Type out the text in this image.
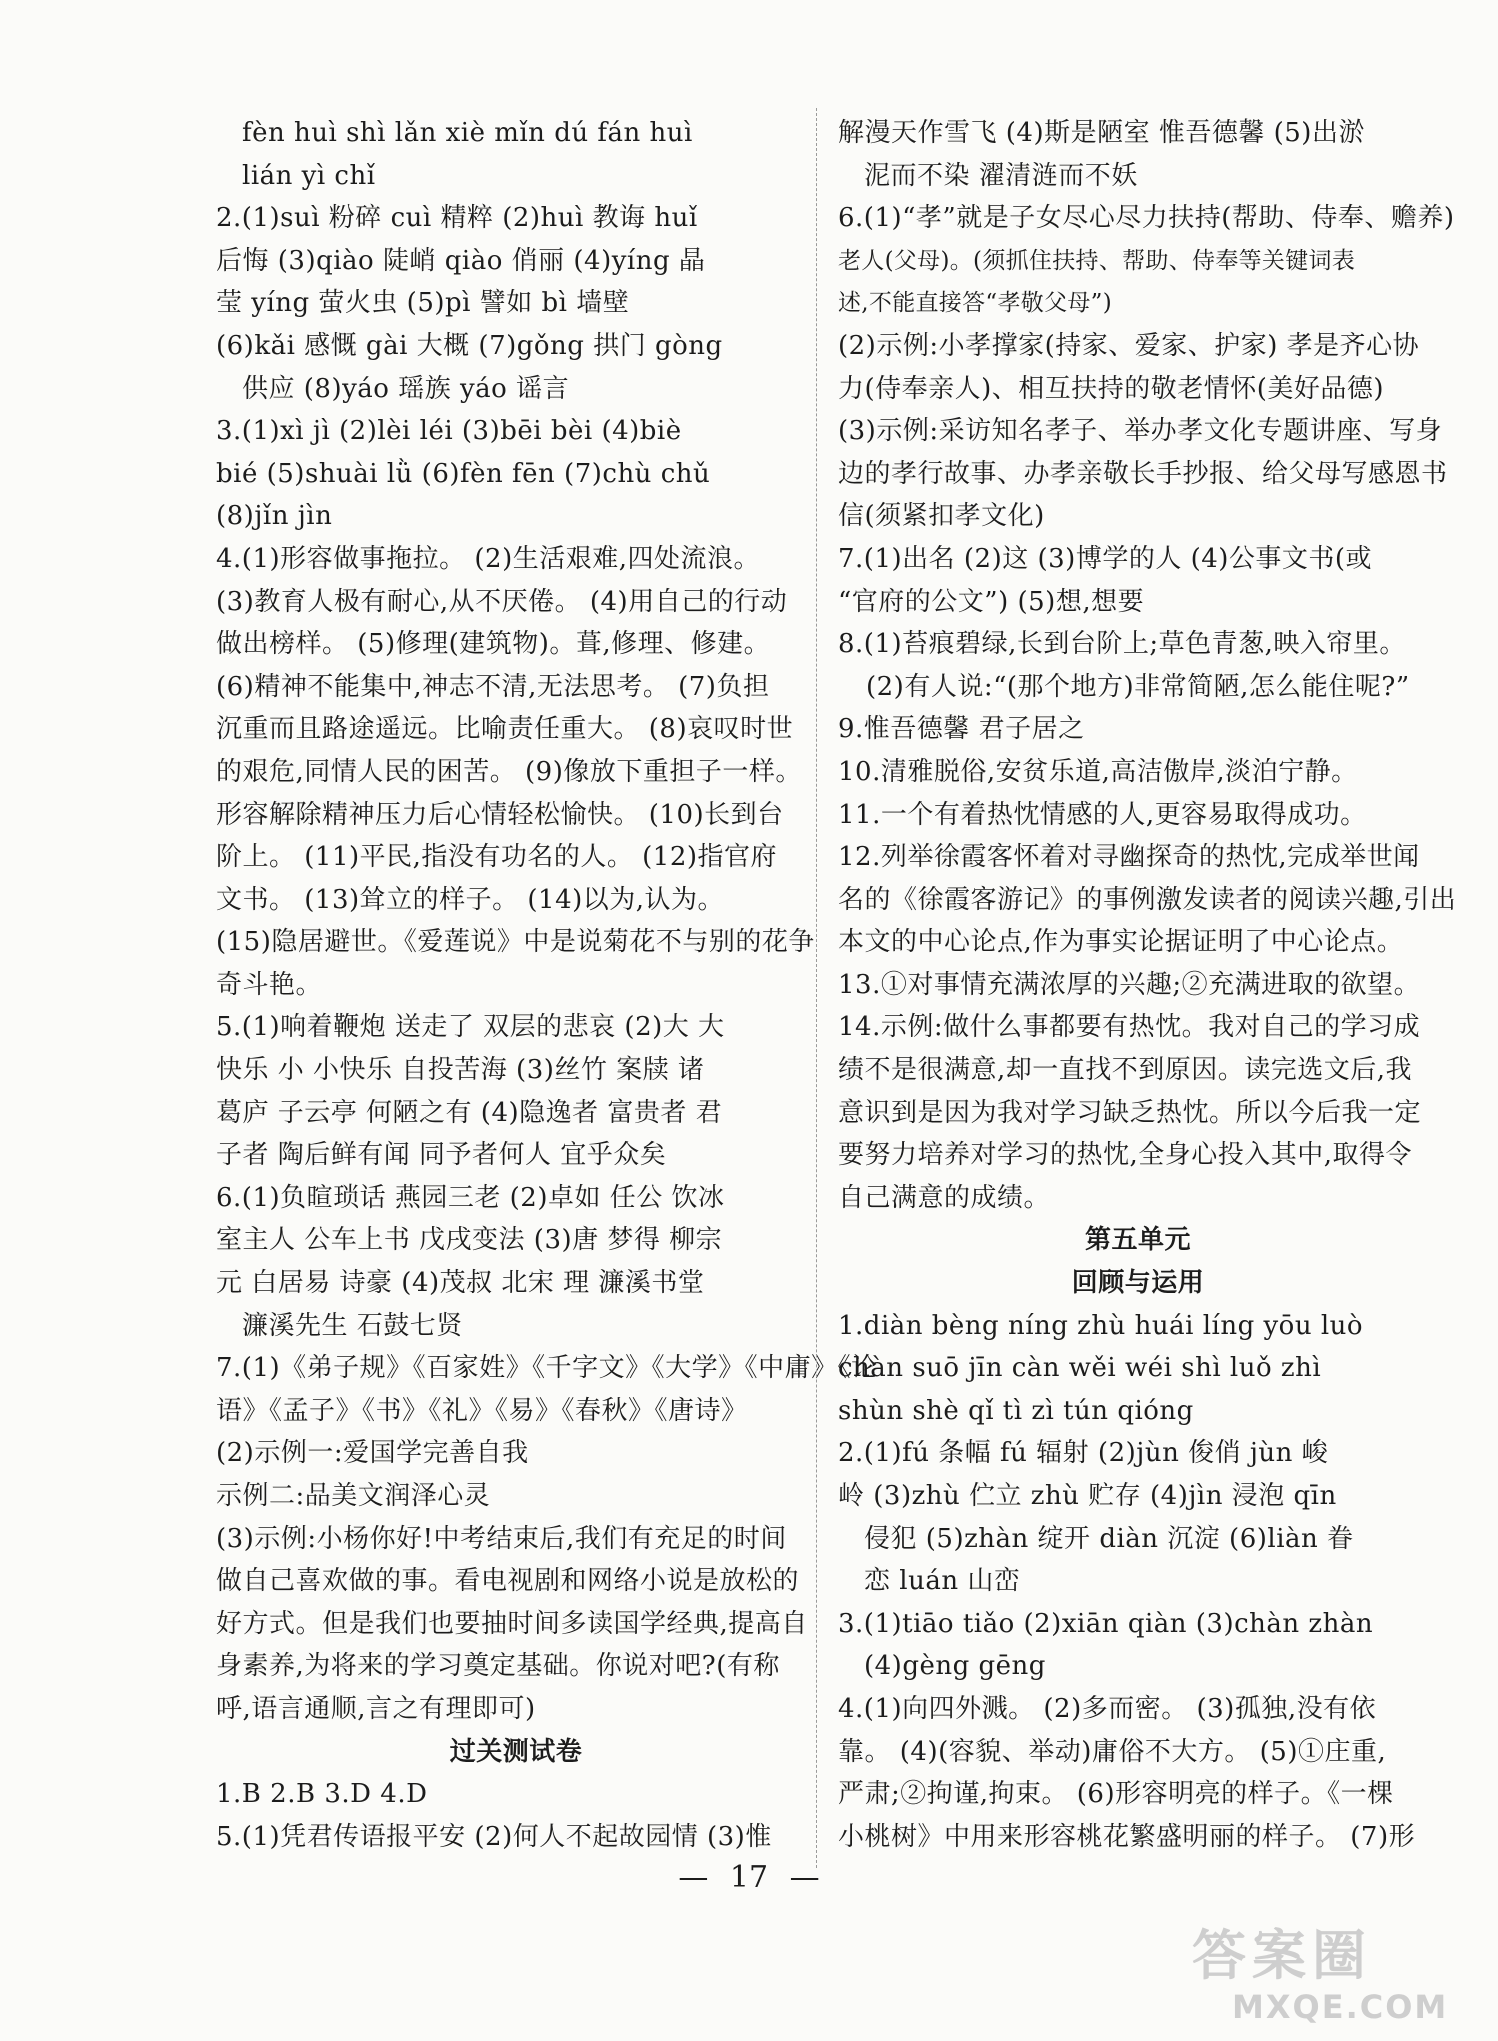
fèn huì shì lǎn xiè mǐn dú fán huì
lián yì chǐ
2.(1)suì 粉碎 cuì 精粹 (2)huì 教诲 huǐ
后悔 (3)qiào 陡峭 qiào 俏丽 (4)yíng 晶
莹 yíng 萤火虫 (5)pì 譬如 bì 墙壁
(6)kǎi 感慨 gài 大概 (7)gǒng 拱门 gòng
供应 (8)yáo 瑶族 yáo 谣言
3.(1)xì jì (2)lèi léi (3)bēi bèi (4)biè
bié (5)shuài lǜ (6)fèn fēn (7)chù chǔ
(8)jǐn jìn
4.(1)形容做事拖拉。 (2)生活艰难,四处流浪。
(3)教育人极有耐心,从不厌倦。 (4)用自己的行动
做出榜样。 (5)修理(建筑物)。葺,修理、修建。
(6)精神不能集中,神志不清,无法思考。 (7)负担
沉重而且路途遥远。比喻责任重大。 (8)哀叹时世
的艰危,同情人民的困苦。 (9)像放下重担子一样。
形容解除精神压力后心情轻松愉快。 (10)长到台
阶上。 (11)平民,指没有功名的人。 (12)指官府
文书。 (13)耸立的样子。 (14)以为,认为。
(15)隐居避世。《爱莲说》中是说菊花不与别的花争
奇斗艳。
5.(1)响着鞭炮 送走了 双层的悲哀 (2)大 大
快乐 小 小快乐 自投苦海 (3)丝竹 案牍 诸
葛庐 子云亭 何陋之有 (4)隐逸者 富贵者 君
子者 陶后鲜有闻 同予者何人 宜乎众矣
6.(1)负暄琐话 燕园三老 (2)卓如 任公 饮冰
室主人 公车上书 戊戌变法 (3)唐 梦得 柳宗
元 白居易 诗豪 (4)茂叔 北宋 理 濂溪书堂
濂溪先生 石鼓七贤
7.(1)《弟子规》《百家姓》《千字文》《大学》《中庸》《论
语》《孟子》《书》《礼》《易》《春秋》《唐诗》
(2)示例一:爱国学完善自我
示例二:品美文润泽心灵
(3)示例:小杨你好!中考结束后,我们有充足的时间
做自己喜欢做的事。看电视剧和网络小说是放松的
好方式。但是我们也要抽时间多读国学经典,提高自
身素养,为将来的学习奠定基础。你说对吧?(有称
呼,语言通顺,言之有理即可)
过关测试卷
1.B 2.B 3.D 4.D
5.(1)凭君传语报平安 (2)何人不起故园情 (3)惟
解漫天作雪飞 (4)斯是陋室 惟吾德馨 (5)出淤
泥而不染 濯清涟而不妖
6.(1)“孝”就是子女尽心尽力扶持(帮助、侍奉、赡养)
老人(父母)。(须抓住扶持、帮助、侍奉等关键词表
述,不能直接答“孝敬父母”)
(2)示例:小孝撑家(持家、爱家、护家) 孝是齐心协
力(侍奉亲人)、相互扶持的敬老情怀(美好品德)
(3)示例:采访知名孝子、举办孝文化专题讲座、写身
边的孝行故事、办孝亲敬长手抄报、给父母写感恩书
信(须紧扣孝文化)
7.(1)出名 (2)这 (3)博学的人 (4)公事文书(或
“官府的公文”) (5)想,想要
8.(1)苔痕碧绿,长到台阶上;草色青葱,映入帘里。
(2)有人说:“(那个地方)非常简陋,怎么能住呢?”
9.惟吾德馨 君子居之
10.清雅脱俗,安贫乐道,高洁傲岸,淡泊宁静。
11.一个有着热忱情感的人,更容易取得成功。
12.列举徐霞客怀着对寻幽探奇的热忱,完成举世闻
名的《徐霞客游记》的事例激发读者的阅读兴趣,引出
本文的中心论点,作为事实论据证明了中心论点。
13.①对事情充满浓厚的兴趣;②充满进取的欲望。
14.示例:做什么事都要有热忱。我对自己的学习成
绩不是很满意,却一直找不到原因。读完选文后,我
意识到是因为我对学习缺乏热忱。所以今后我一定
要努力培养对学习的热忱,全身心投入其中,取得令
自己满意的成绩。
第五单元
回顾与运用
1.diàn bèng níng zhù huái líng yōu luò
chàn suō jīn càn wěi wéi shì luǒ zhì
shùn shè qǐ tì zì tún qióng
2.(1)fú 条幅 fú 辐射 (2)jùn 俊俏 jùn 峻
岭 (3)zhù 伫立 zhù 贮存 (4)jìn 浸泡 qīn
侵犯 (5)zhàn 绽开 diàn 沉淀 (6)liàn 眷
恋 luán 山峦
3.(1)tiāo tiǎo (2)xiān qiàn (3)chàn zhàn
(4)gèng gēng
4.(1)向四外溅。 (2)多而密。 (3)孤独,没有依
靠。 (4)(容貌、举动)庸俗不大方。 (5)①庄重,
严肃;②拘谨,拘束。 (6)形容明亮的样子。《一棵
小桃树》中用来形容桃花繁盛明丽的样子。 (7)形
— 17 —
答案圈
MXQE.COM
